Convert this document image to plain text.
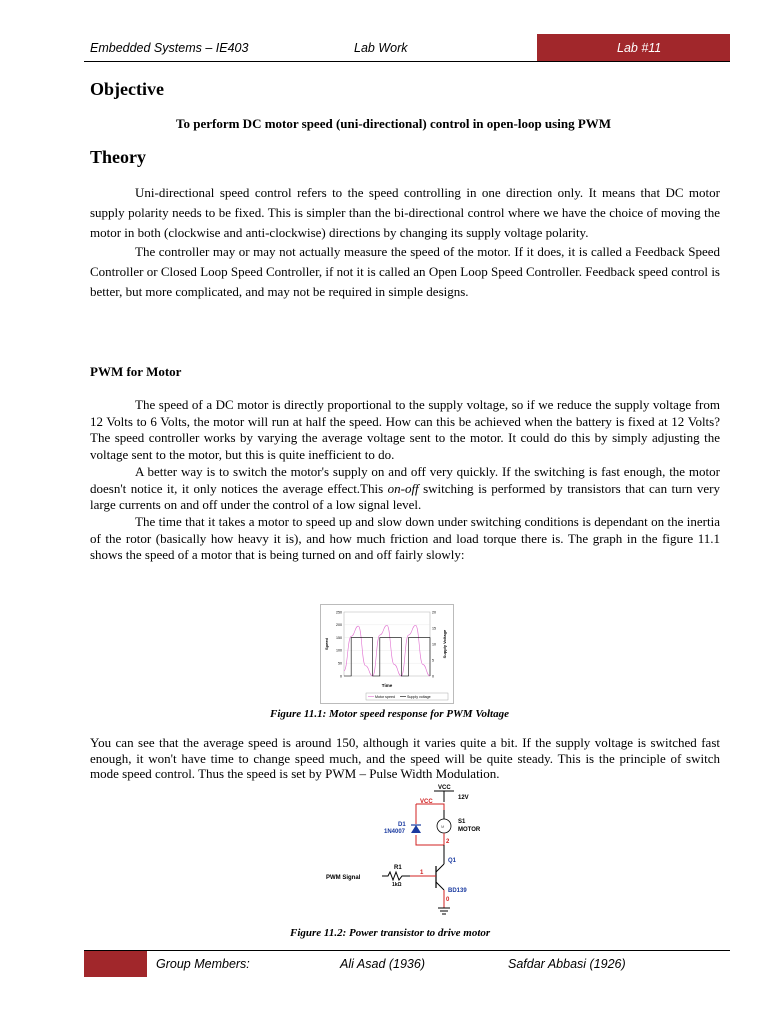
Embedded Systems – IE403	Lab Work	Lab #11
Objective
To perform DC motor speed (uni-directional) control in open-loop using PWM
Theory

Uni-directional speed control refers to the speed controlling in one direction only. It means that DC motor supply polarity needs to be fixed. This is simpler than the bi-directional control where we have the choice of moving the motor in both (clockwise and anti-clockwise) directions by changing its supply voltage polarity.

The controller may or may not actually measure the speed of the motor. If it does, it is called a Feedback Speed Controller or Closed Loop Speed Controller, if not it is called an Open Loop Speed Controller. Feedback speed control is better, but more complicated, and may not be required in simple designs.

PWM for Motor

The speed of a DC motor is directly proportional to the supply voltage, so if we reduce the supply voltage from 12 Volts to 6 Volts, the motor will run at half the speed. How can this be achieved when the battery is fixed at 12 Volts? The speed controller works by varying the average voltage sent to the motor. It could do this by simply adjusting the voltage sent to the motor, but this is quite inefficient to do.

A better way is to switch the motor's supply on and off very quickly. If the switching is fast enough, the motor doesn't notice it, it only notices the average effect.This on-off switching is performed by transistors that can turn very large currents on and off under the control of a low signal level.

The time that it takes a motor to speed up and slow down under switching conditions is dependant on the inertia of the rotor (basically how heavy it is), and how much friction and load torque there is. The graph in the figure 11.1 shows the speed of a motor that is being turned on and off fairly slowly:

250
200
150
100
50
0
20
15
10
5
0
Time
Speed	Supply Voltage
Motor speed	Supply voltage
Figure 11.1: Motor speed response for PWM Voltage
You can see that the average speed is around 150, although it varies quite a bit. If the supply voltage is switched fast enough, it won't have time to change speed much, and the speed will be quite steady. This is the principle of switch mode speed control. Thus the speed is set by PWM – Pulse Width Modulation.
VCC
12V
VCC
M
S1
MOTOR
2
D1
1N4007
Q1
PWM Signal
R1
1kΩ
1
BD139
0
Figure 11.2: Power transistor to drive motor
Group Members:	Ali Asad (1936)	Safdar Abbasi (1926)
